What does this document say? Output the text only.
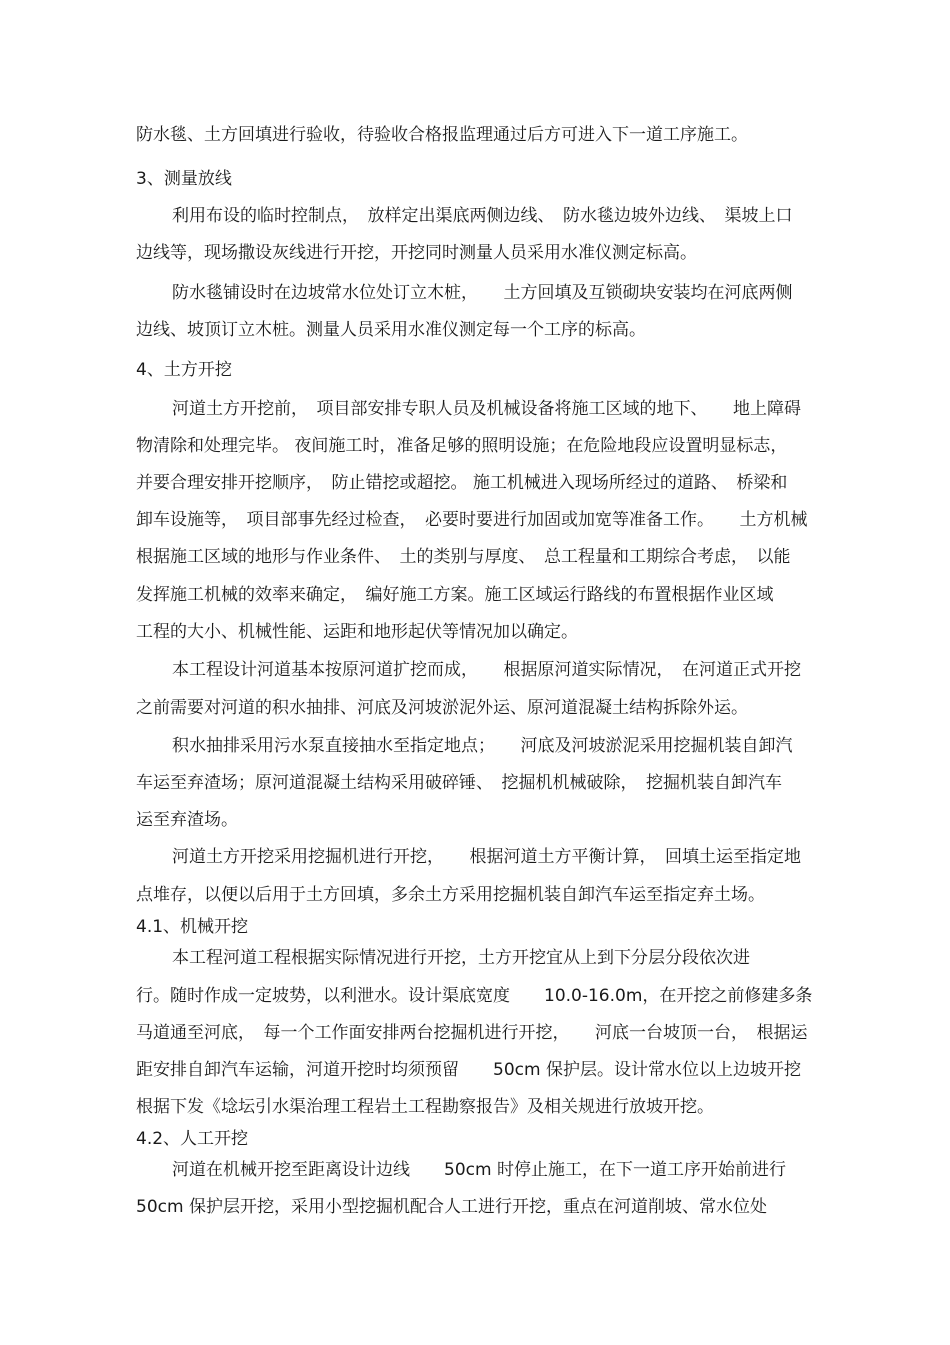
防水毯、土方回填进行验收，待验收合格报监理通过后方可进入下一道工序施工。
3、测量放线
利用布设的临时控制点，　放样定出渠底两侧边线、　防水毯边坡外边线、　渠坡上口
边线等，现场撒设灰线进行开挖，开挖同时测量人员采用水准仪测定标高。
防水毯铺设时在边坡常水位处订立木桩，　　土方回填及互锁砌块安装均在河底两侧
边线、坡顶订立木桩。测量人员采用水准仪测定每一个工序的标高。
4、土方开挖
河道土方开挖前，　项目部安排专职人员及机械设备将施工区域的地下、　　地上障碍
物清除和处理完毕。 夜间施工时，准备足够的照明设施；在危险地段应设置明显标志，
并要合理安排开挖顺序，　防止错挖或超挖。 施工机械进入现场所经过的道路、　桥梁和
卸车设施等，　项目部事先经过检查，　必要时要进行加固或加宽等准备工作。　　土方机械
根据施工区域的地形与作业条件、　土的类别与厚度、　总工程量和工期综合考虑，　以能
发挥施工机械的效率来确定，　编好施工方案。施工区域运行路线的布置根据作业区域
工程的大小、机械性能、运距和地形起伏等情况加以确定。
本工程设计河道基本按原河道扩挖而成，　　根据原河道实际情况，　在河道正式开挖
之前需要对河道的积水抽排、河底及河坡淤泥外运、原河道混凝土结构拆除外运。
积水抽排采用污水泵直接抽水至指定地点；　　河底及河坡淤泥采用挖掘机装自卸汽
车运至弃渣场；原河道混凝土结构采用破碎锤、　挖掘机机械破除，　挖掘机装自卸汽车
运至弃渣场。
河道土方开挖采用挖掘机进行开挖，　　根据河道土方平衡计算，　回填土运至指定地
点堆存，以便以后用于土方回填，多余土方采用挖掘机装自卸汽车运至指定弃土场。
4.1、机械开挖
本工程河道工程根据实际情况进行开挖，土方开挖宜从上到下分层分段依次进
行。随时作成一定坡势，以利泄水。设计渠底宽度　　10.0-16.0m，在开挖之前修建多条
马道通至河底，　每一个工作面安排两台挖掘机进行开挖，　　河底一台坡顶一台，　根据运
距安排自卸汽车运输，河道开挖时均须预留　　50cm 保护层。设计常水位以上边坡开挖
根据下发《埝坛引水渠治理工程岩土工程勘察报告》及相关规进行放坡开挖。
4.2、人工开挖
河道在机械开挖至距离设计边线　　50cm 时停止施工，在下一道工序开始前进行
50cm 保护层开挖，采用小型挖掘机配合人工进行开挖，重点在河道削坡、常水位处
